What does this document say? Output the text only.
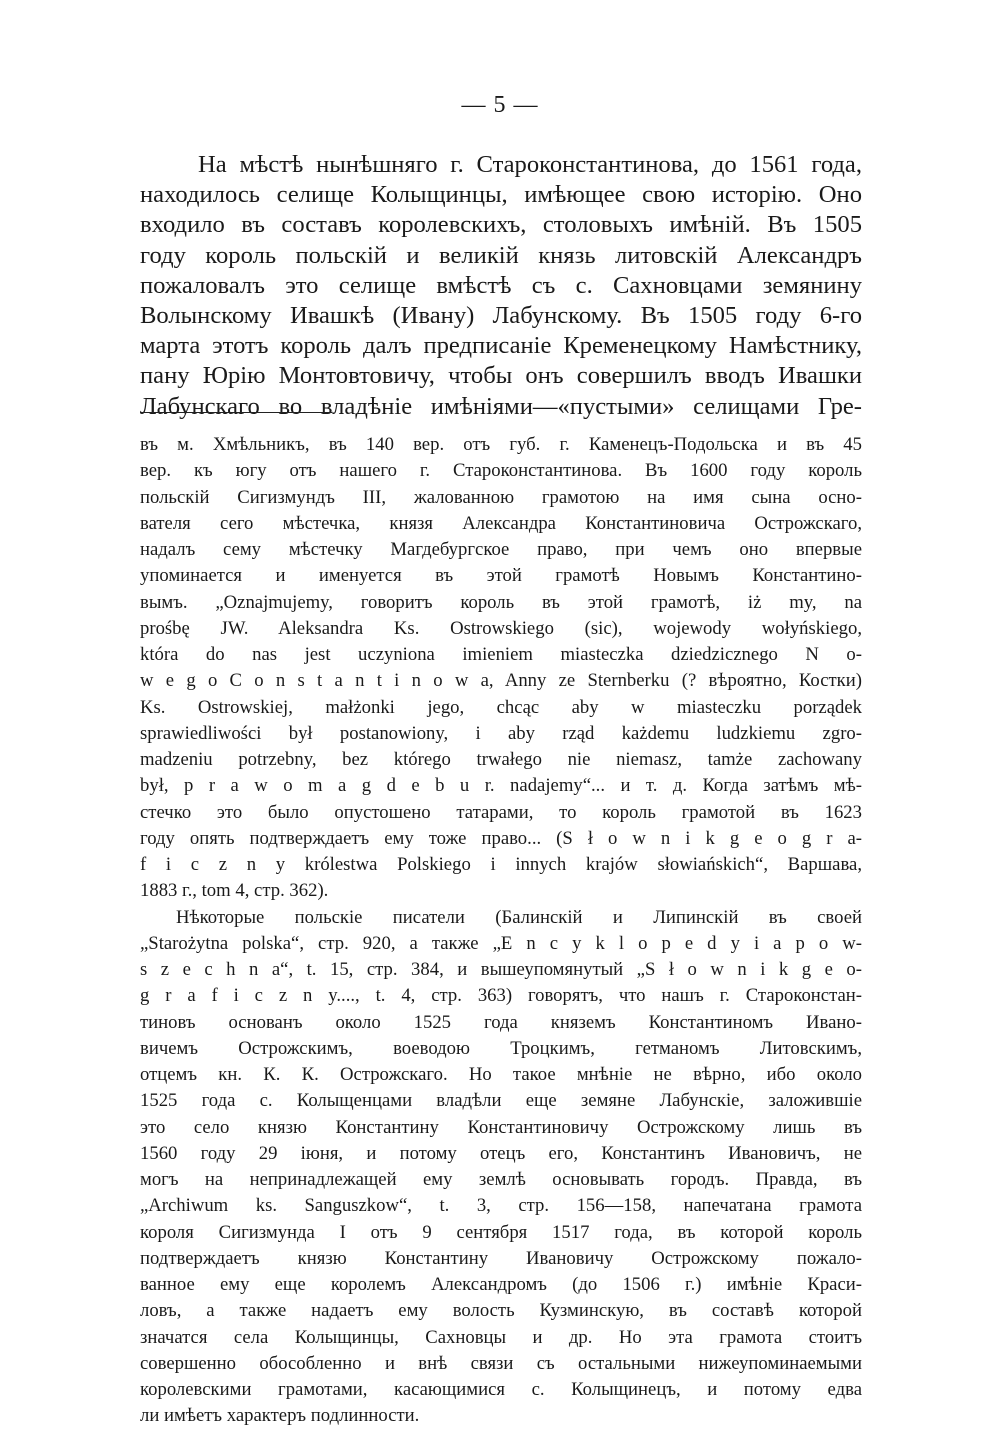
— 5 —
На мѣстѣ нынѣшняго г. Староконстантинова, до 1561 года,
находилось селище Колыщинцы, имѣющее свою исторію. Оно
входило въ составъ королевскихъ, столовыхъ имѣній. Въ 1505
году король польскій и великій князь литовскій Александръ
пожаловалъ это селище вмѣстѣ съ с. Сахновцами земянину
Волынскому Ивашкѣ (Ивану) Лабунскому. Въ 1505 году 6-го
марта этотъ король далъ предписаніе Кременецкому Намѣстнику,
пану Юрію Монтовтовичу, чтобы онъ совершилъ вводъ Ивашки
Лабунскаго во владѣніе имѣніями—«пустыми» селищами Гре-
въ м. Хмѣльникъ, въ 140 вер. отъ губ. г. Каменецъ-Подольска и въ 45
вер. къ югу отъ нашего г. Староконстантинова. Въ 1600 году король
польскій Сигизмундъ III, жалованною грамотою на имя сына осно-
вателя сего мѣстечка, князя Александра Константиновича Острожскаго,
надалъ сему мѣстечку Магдебургское право, при чемъ оно впервые
упоминается и именуется въ этой грамотѣ Новымъ Константино-
вымъ. „Oznajmujemy, говоритъ король въ этой грамотѣ, iż my, na
prośbę JW. Aleksandra Ks. Ostrowskiego (sic), wojewody wołyńskiego,
która do nas jest uczyniona imieniem miasteczka dziedzicznego N o-
w e g o C o n s t a n t i n o w a, Anny ze Sternberku (? вѣроятно, Костки)
Ks. Ostrowskiej, małżonki jego, chcąc aby w miasteczku porządek
sprawiedliwości był postanowiony, i aby rząd każdemu ludzkiemu zgro-
madzeniu potrzebny, bez którego trwałego nie niemasz, tamże zachowany
był, p r a w o m a g d e b u r. nadajemy“... и т. д. Когда затѣмъ мѣ-
стечко это было опустошено татарами, то король грамотой въ 1623
году опять подтверждаетъ ему тоже право... (S ł o w n i k g e o g r a-
f i c z n y królestwa Polskiego i innych krajów słowiańskich“, Варшава,
1883 г., tom 4, стр. 362).
Нѣкоторые польскіе писатели (Балинскій и Липинскій въ своей
„Starożytna polska“, стр. 920, а также „E n c y k l o p e d y i a p o w-
s z e c h n a“, t. 15, стр. 384, и вышеупомянутый „S ł o w n i k g e o-
g r a f i c z n y...., t. 4, стр. 363) говорятъ, что нашъ г. Староконстан-
тиновъ основанъ около 1525 года княземъ Константиномъ Ивано-
вичемъ Острожскимъ, воеводою Троцкимъ, гетманомъ Литовскимъ,
отцемъ кн. К. К. Острожскаго. Но такое мнѣніе не вѣрно, ибо около
1525 года с. Колыщенцами владѣли еще земяне Лабунскіе, заложившіе
это село князю Константину Константиновичу Острожскому лишь въ
1560 году 29 іюня, и потому отецъ его, Константинъ Ивановичъ, не
могъ на непринадлежащей ему землѣ основывать городъ. Правда, въ
„Archiwum ks. Sanguszkow“, t. 3, стр. 156—158, напечатана грамота
короля Сигизмунда I отъ 9 сентября 1517 года, въ которой король
подтверждаетъ князю Константину Ивановичу Острожскому пожало-
ванное ему еще королемъ Александромъ (до 1506 г.) имѣніе Краси-
ловъ, а также надаетъ ему волость Кузминскую, въ составѣ которой
значатся села Колыщинцы, Сахновцы и др. Но эта грамота стоитъ
совершенно обособленно и внѣ связи съ остальными нижеупоминаемыми
королевскими грамотами, касающимися с. Колыщинецъ, и потому едва
ли имѣетъ характеръ подлинности.
